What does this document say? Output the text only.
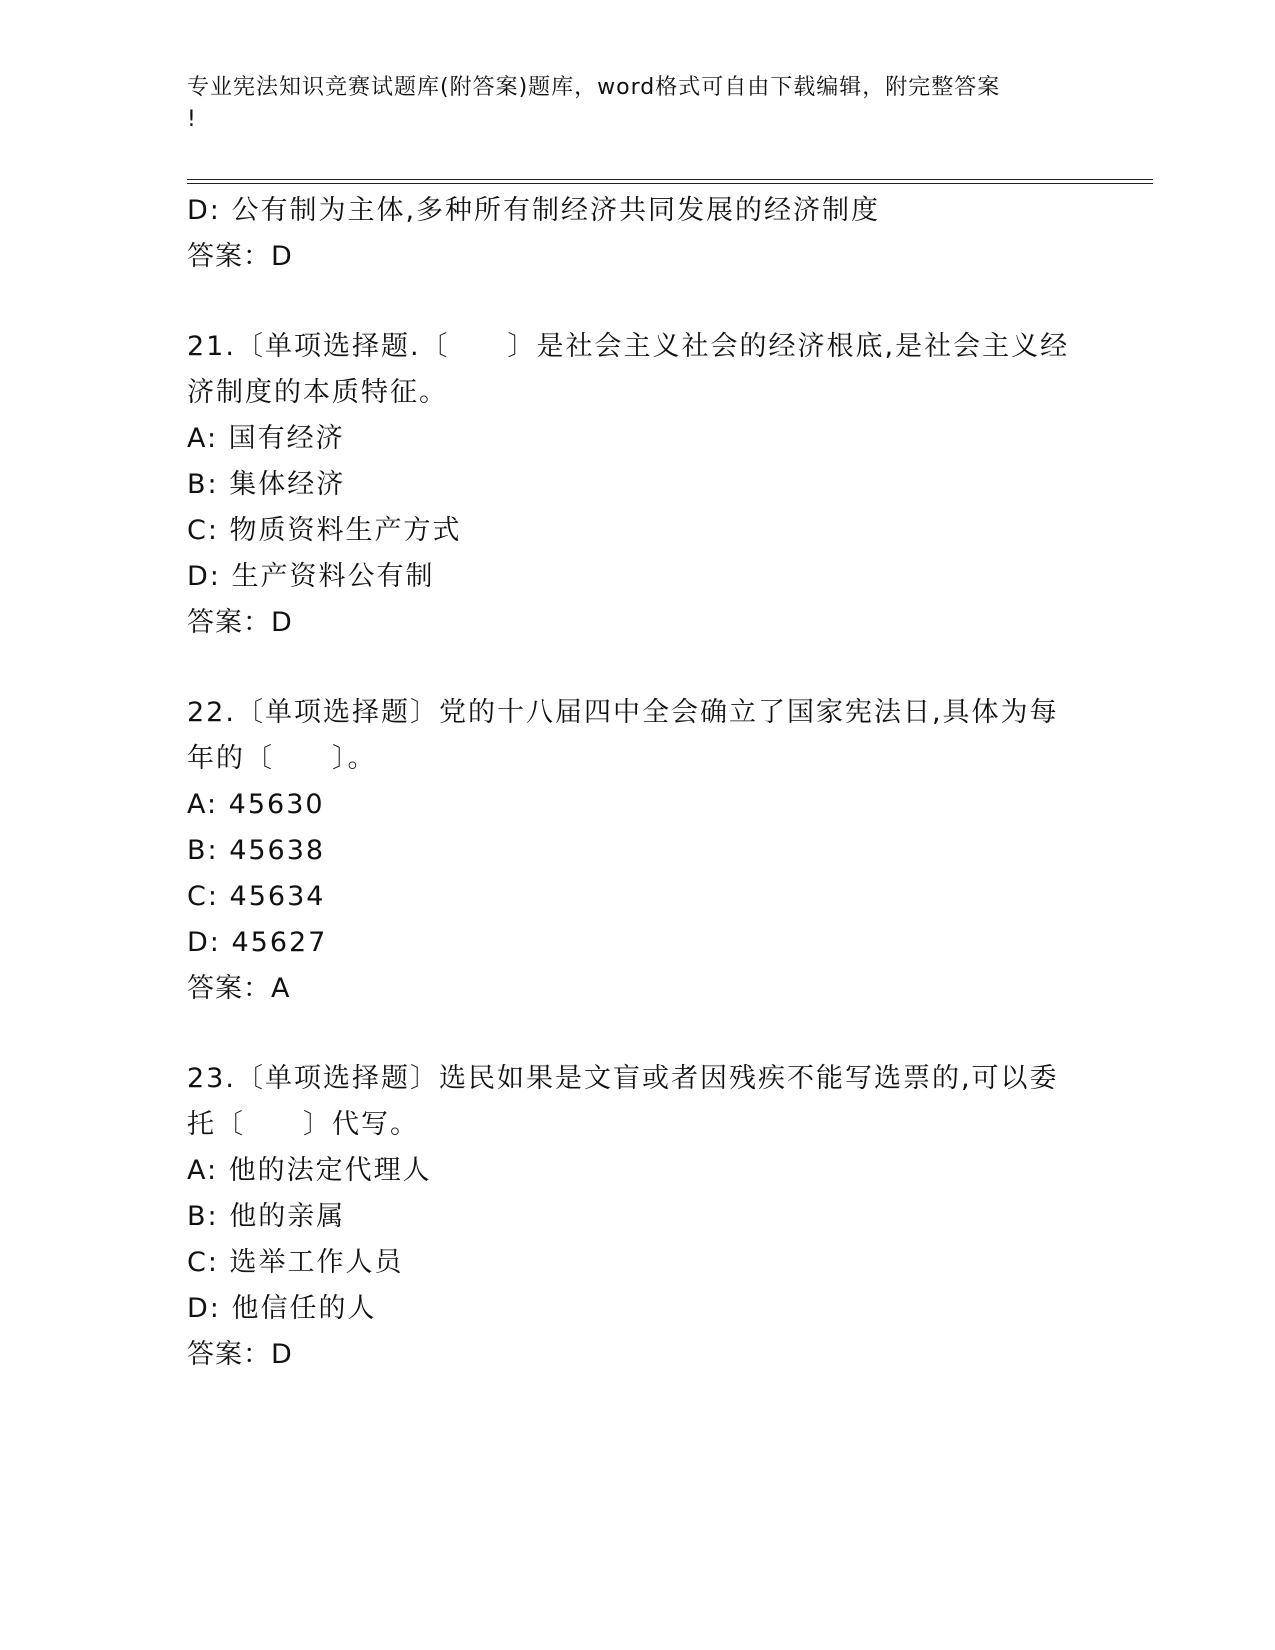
专业宪法知识竞赛试题库(附答案)题库，word格式可自由下载编辑，附完整答案
!
D: 公有制为主体,多种所有制经济共同发展的经济制度
答案：D
21.〔单项选择题.〔　　〕是社会主义社会的经济根底,是社会主义经
济制度的本质特征。
A: 国有经济
B: 集体经济
C: 物质资料生产方式
D: 生产资料公有制
答案：D
22.〔单项选择题〕党的十八届四中全会确立了国家宪法日,具体为每
年的〔　　〕。
A: 45630
B: 45638
C: 45634
D: 45627
答案：A
23.〔单项选择题〕选民如果是文盲或者因残疾不能写选票的,可以委
托〔　　〕代写。
A: 他的法定代理人
B: 他的亲属
C: 选举工作人员
D: 他信任的人
答案：D
